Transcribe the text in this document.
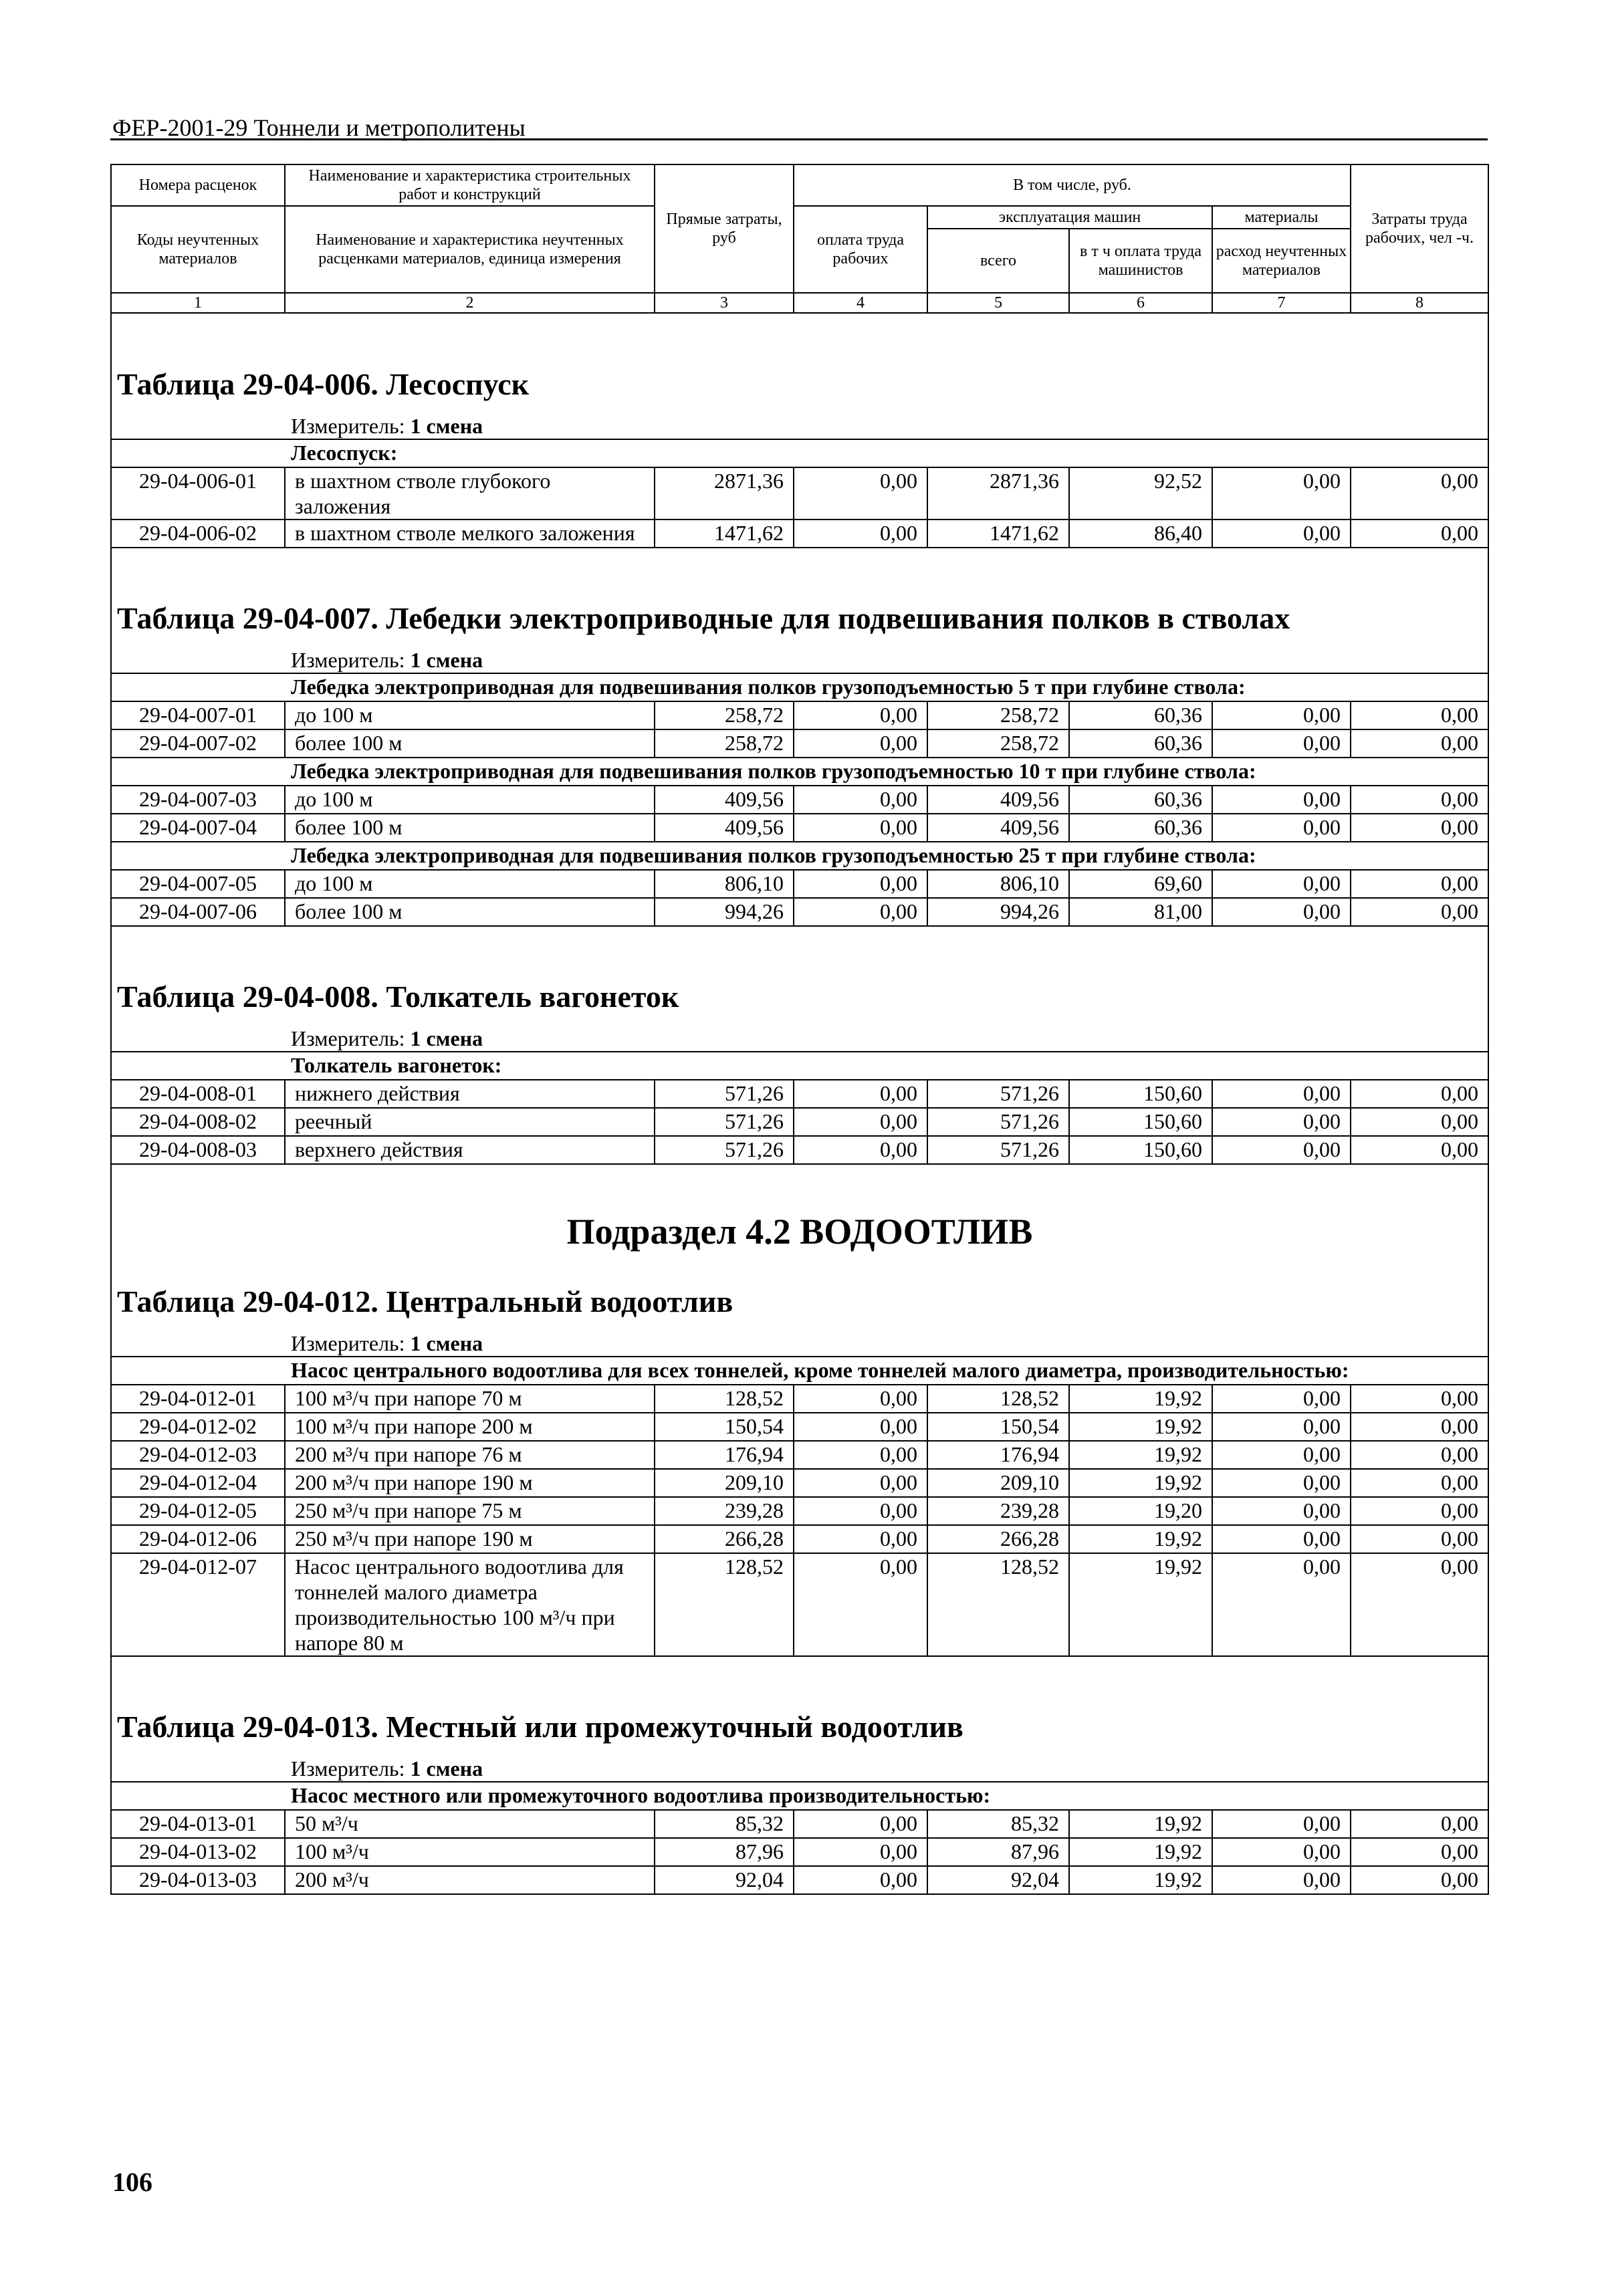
ФЕР-2001-29 Тоннели и метрополитены
Номера расценок	Наименование и характеристика строительных работ и конструкций	Прямые затраты, руб	В том числе, руб.				Затраты труда рабочих, чел -ч.
Коды неучтенных материалов	Наименование и характеристика неучтенных расценками материалов, единица измерения		оплата труда рабочих	эксплуатация машин		материалы	
				всего	в т ч оплата труда машинистов	расход неучтенных материалов	
1	2	3	4	5	6	7	8

Таблица 29-04-006. Лесоспуск							
Измеритель: 1 смена							
Лесоспуск:							
29-04-006-01	в шахтном стволе глубокого заложения	2871,36	0,00	2871,36	92,52	0,00	0,00
29-04-006-02	в шахтном стволе мелкого заложения	1471,62	0,00	1471,62	86,40	0,00	0,00

Таблица 29-04-007. Лебедки электроприводные для подвешивания полков в стволах							
Измеритель: 1 смена							
Лебедка электроприводная для подвешивания полков грузоподъемностью 5 т при глубине ствола:							
29-04-007-01	до 100 м	258,72	0,00	258,72	60,36	0,00	0,00
29-04-007-02	более 100 м	258,72	0,00	258,72	60,36	0,00	0,00
Лебедка электроприводная для подвешивания полков грузоподъемностью 10 т при глубине ствола:							
29-04-007-03	до 100 м	409,56	0,00	409,56	60,36	0,00	0,00
29-04-007-04	более 100 м	409,56	0,00	409,56	60,36	0,00	0,00
Лебедка электроприводная для подвешивания полков грузоподъемностью 25 т при глубине ствола:							
29-04-007-05	до 100 м	806,10	0,00	806,10	69,60	0,00	0,00
29-04-007-06	более 100 м	994,26	0,00	994,26	81,00	0,00	0,00

Таблица 29-04-008. Толкатель вагонеток							
Измеритель: 1 смена							
Толкатель вагонеток:							
29-04-008-01	нижнего действия	571,26	0,00	571,26	150,60	0,00	0,00
29-04-008-02	реечный	571,26	0,00	571,26	150,60	0,00	0,00
29-04-008-03	верхнего действия	571,26	0,00	571,26	150,60	0,00	0,00
Подраздел 4.2 ВОДООТЛИВ							
Таблица 29-04-012. Центральный водоотлив							
Измеритель: 1 смена							
Насос центрального водоотлива для всех тоннелей, кроме тоннелей малого диаметра, производительностью:							
29-04-012-01	100 м³/ч при напоре 70 м	128,52	0,00	128,52	19,92	0,00	0,00
29-04-012-02	100 м³/ч при напоре 200 м	150,54	0,00	150,54	19,92	0,00	0,00
29-04-012-03	200 м³/ч при напоре 76 м	176,94	0,00	176,94	19,92	0,00	0,00
29-04-012-04	200 м³/ч при напоре 190 м	209,10	0,00	209,10	19,92	0,00	0,00
29-04-012-05	250 м³/ч при напоре 75 м	239,28	0,00	239,28	19,20	0,00	0,00
29-04-012-06	250 м³/ч при напоре 190 м	266,28	0,00	266,28	19,92	0,00	0,00
29-04-012-07	Насос центрального водоотлива для тоннелей малого диаметра производительностью 100 м³/ч при напоре 80 м	128,52	0,00	128,52	19,92	0,00	0,00

Таблица 29-04-013. Местный или промежуточный водоотлив							
Измеритель: 1 смена							
Насос местного или промежуточного водоотлива производительностью:							
29-04-013-01	50 м³/ч	85,32	0,00	85,32	19,92	0,00	0,00
29-04-013-02	100 м³/ч	87,96	0,00	87,96	19,92	0,00	0,00
29-04-013-03	200 м³/ч	92,04	0,00	92,04	19,92	0,00	0,00
106
